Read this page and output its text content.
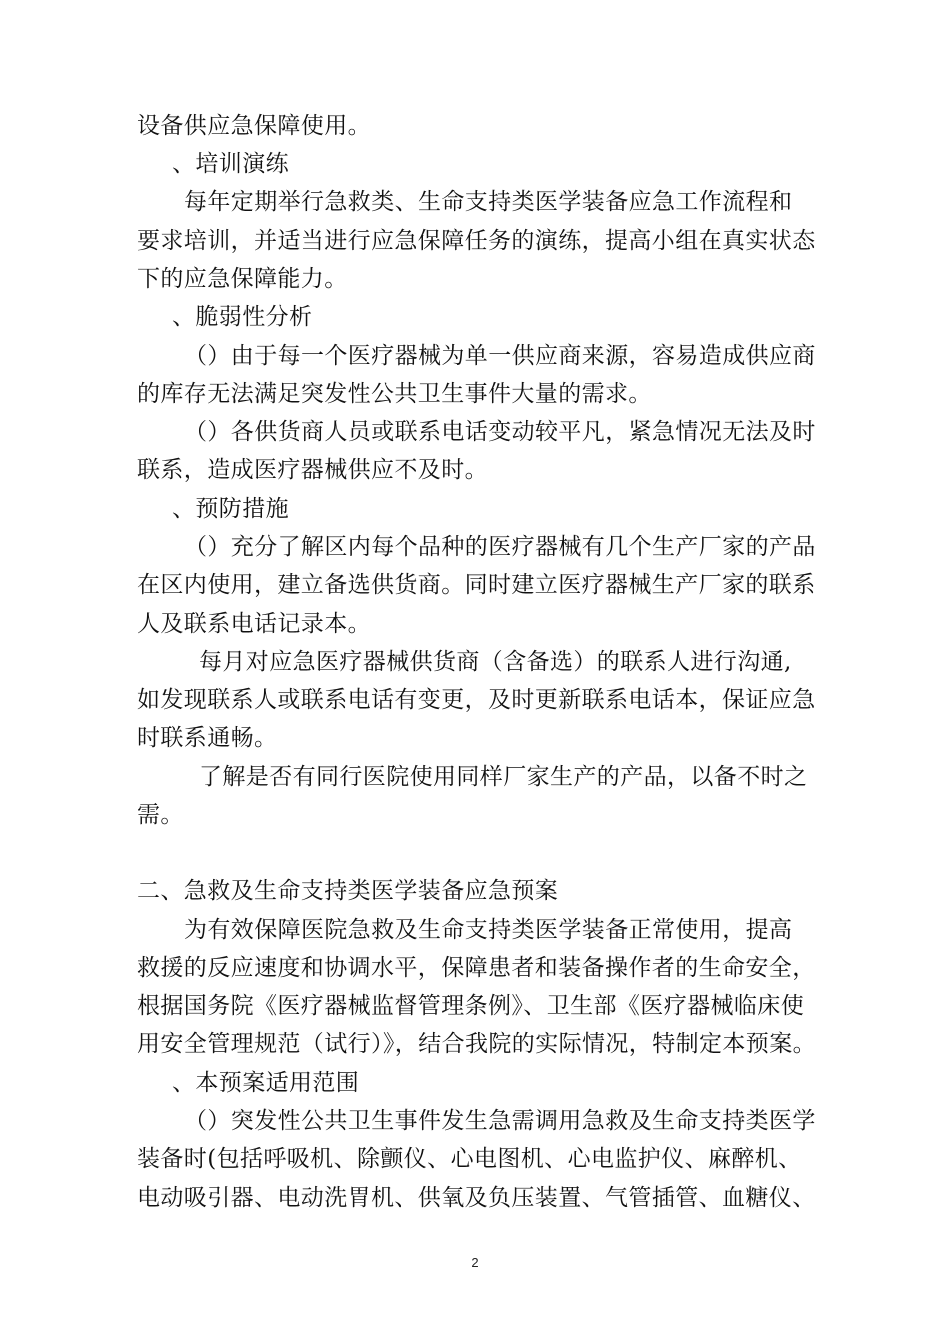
设备供应急保障使用。
、培训演练
每年定期举行急救类、生命支持类医学装备应急工作流程和
要求培训，并适当进行应急保障任务的演练，提高小组在真实状态
下的应急保障能力。
、脆弱性分析
（）由于每一个医疗器械为单一供应商来源，容易造成供应商
的库存无法满足突发性公共卫生事件大量的需求。
（）各供货商人员或联系电话变动较平凡，紧急情况无法及时
联系，造成医疗器械供应不及时。
、预防措施
（）充分了解区内每个品种的医疗器械有几个生产厂家的产品
在区内使用，建立备选供货商。同时建立医疗器械生产厂家的联系
人及联系电话记录本。
每月对应急医疗器械供货商（含备选）的联系人进行沟通,
如发现联系人或联系电话有变更，及时更新联系电话本，保证应急
时联系通畅。
了解是否有同行医院使用同样厂家生产的产品，以备不时之
需。
二、急救及生命支持类医学装备应急预案
为有效保障医院急救及生命支持类医学装备正常使用，提高
救援的反应速度和协调水平，保障患者和装备操作者的生命安全，
根据国务院《医疗器械监督管理条例》、卫生部《医疗器械临床使
用安全管理规范（试行）》，结合我院的实际情况，特制定本预案。
、本预案适用范围
（）突发性公共卫生事件发生急需调用急救及生命支持类医学
装备时(包括呼吸机、除颤仪、心电图机、心电监护仪、麻醉机、
电动吸引器、电动洗胃机、供氧及负压装置、气管插管、血糖仪、
2
